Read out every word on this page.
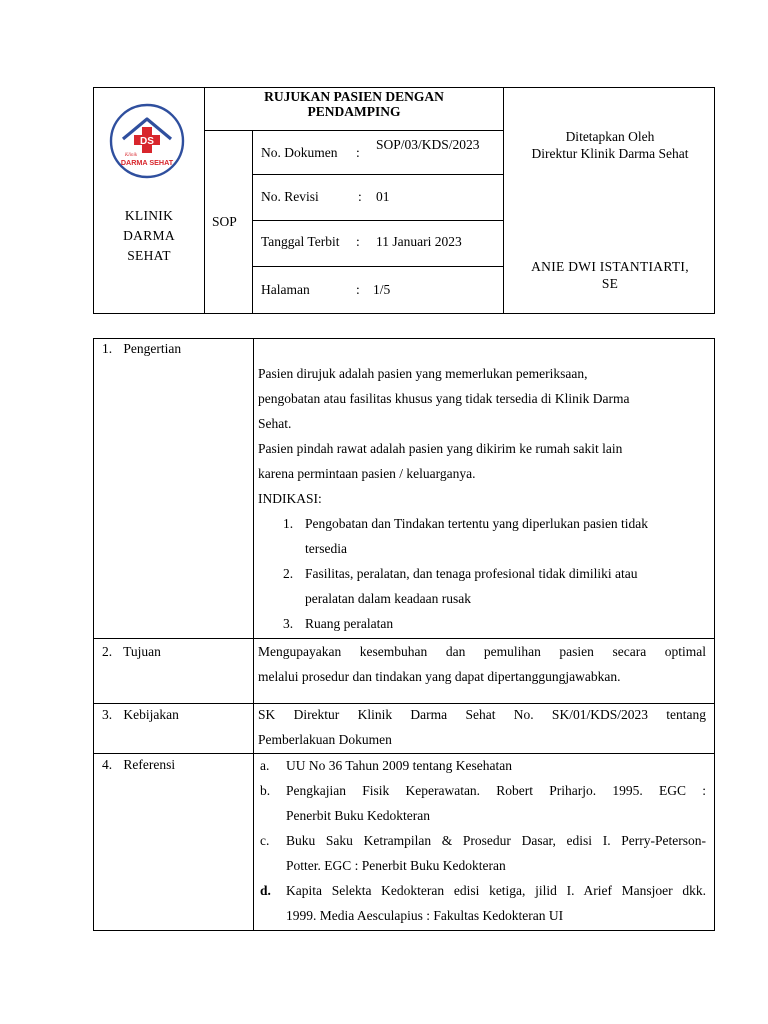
DS
Klinik
DARMA SEHAT
KLINIK
DARMA
SEHAT
RUJUKAN PASIEN DENGAN
PENDAMPING
SOP
No. Dokumen :
SOP/03/KDS/2023
No. Revisi	: 01
Tanggal Terbit : 11 Januari 2023
Halaman	: 1/5
Ditetapkan Oleh
Direktur Klinik Darma Sehat
ANIE DWI ISTANTIARTI,
SE
1. Pengertian
Pasien dirujuk adalah pasien yang memerlukan pemeriksaan,
pengobatan atau fasilitas khusus yang tidak tersedia di Klinik Darma
Sehat.
Pasien pindah rawat adalah pasien yang dikirim ke rumah sakit lain
karena permintaan pasien / keluarganya.
INDIKASI:
1. Pengobatan dan Tindakan tertentu yang diperlukan pasien tidak
tersedia
2. Fasilitas, peralatan, dan tenaga profesional tidak dimiliki atau
peralatan dalam keadaan rusak
3. Ruang peralatan
2. Tujuan	Mengupayakan kesembuhan dan pemulihan pasien secara optimal
melalui prosedur dan tindakan yang dapat dipertanggungjawabkan.
3. Kebijakan	SK Direktur Klinik Darma Sehat No. SK/01/KDS/2023 tentang
Pemberlakuan Dokumen
4. Referensi	a. UU No 36 Tahun 2009 tentang Kesehatan
b. Pengkajian Fisik Keperawatan. Robert Priharjo. 1995. EGC :
Penerbit Buku Kedokteran
c. Buku Saku Ketrampilan & Prosedur Dasar, edisi I. Perry-Peterson-
Potter. EGC : Penerbit Buku Kedokteran
d. Kapita Selekta Kedokteran edisi ketiga, jilid I. Arief Mansjoer dkk.
1999. Media Aesculapius : Fakultas Kedokteran UI
